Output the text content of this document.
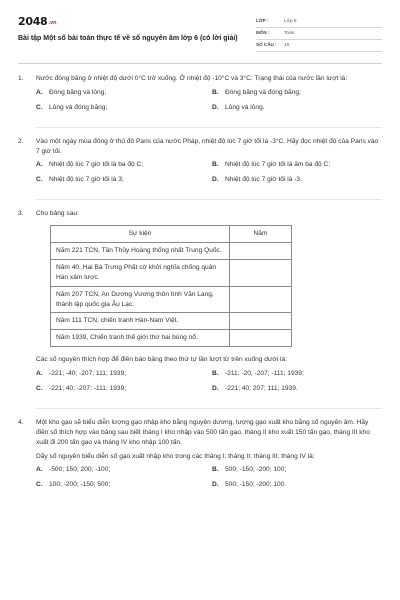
2048.vn
Bài tập Một số bài toán thực tế về số nguyên âm lớp 6 (có lời giải)
LỚP :	Lớp 6
MÔN :	Toán
SỐ CÂU :	10
1.	Nước đóng băng ở nhiệt độ dưới 0°C trở xuống. Ở nhiệt độ -10°C và 3°C. Trạng thái của nước lần lượt là:
A. Đóng băng và lỏng;	B. Đóng băng và đóng băng;
C. Lỏng và đóng băng;	D. Lỏng và lỏng.
2.	Vào một ngày mùa đông ở thủ đô Paris của nước Pháp, nhiệt độ lúc 7 giờ tối là -3°C. Hãy đọc nhiệt độ của Paris vào 7 giờ tối.
A. Nhiệt độ lúc 7 giờ tối là ba độ C;	B. Nhiệt độ lúc 7 giờ tối là âm ba độ C;
C. Nhiệt độ lúc 7 giờ tối là 3;	D. Nhiệt độ lúc 7 giờ tối là -3.
3.	Cho bảng sau:
Sự kiện	Năm
Năm 221 TCN, Tần Thủy Hoàng thống nhất Trung Quốc.	
Năm 40, Hai Bà Trưng Phất cờ khởi nghĩa chống quân Hán xâm lược.	
Năm 207 TCN, An Dương Vương thôn tính Văn Lang, thành lập quốc gia Âu Lạc.	
Năm 111 TCN, chiến tranh Hán-Nam Việt.	
Năm 1939, Chiến tranh thế giới thứ hai bùng nổ.	
Các số nguyên thích hợp để điền bào bảng theo thứ tự lần lượt từ trên xuống dưới là:
A. -221; -40; -207; 111; 1939;	B. -211; -20; -207; -111; 1939;
C. -221; 40; -207; -111; 1939;	D. -221; 40; 207; 111; 1939.
4.	Một kho gạo sẽ biểu diễn lượng gạo nhập kho bằng nguyên dương, lượng gạo xuất kho bằng số nguyên âm. Hãy điền số thích hợp vào bảng sau biết tháng I kho nhập vào 500 tấn gạo, tháng II kho xuất 150 tấn gạo, tháng III kho xuất đi 200 tấn gạo và tháng IV kho nhập 100 tấn.
Dãy số nguyên biểu diễn số gạo xuất nhập kho trong các tháng I; tháng II; tháng III; tháng IV là:
A. -500; 150; 200; -100;	B. 500; -150; -200; 100;
C. 100; -200; -150; 500;	D. 500; -150; -200; 100.
